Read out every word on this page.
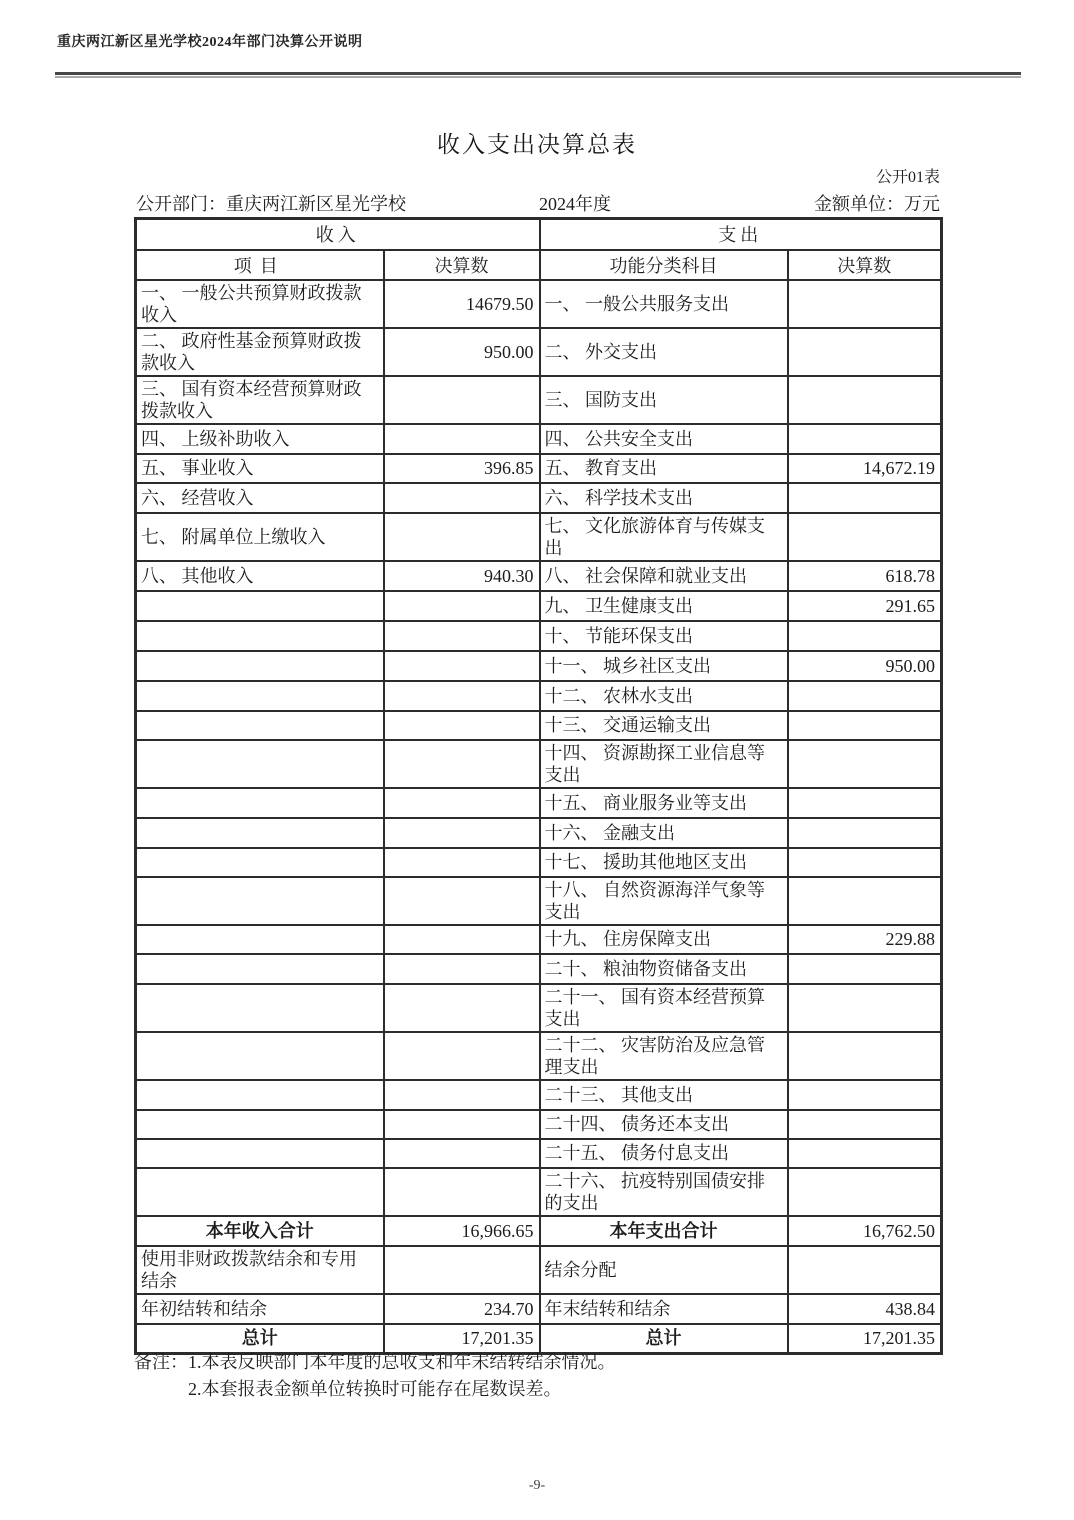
重庆两江新区星光学校2024年部门决算公开说明
收入支出决算总表
公开01表
公开部门：重庆两江新区星光学校	2024年度	金额单位：万元
收入		支出	
项目	决算数	功能分类科目	决算数
一、 一般公共预算财政拨款收入	14679.50	一、 一般公共服务支出	
二、 政府性基金预算财政拨款收入	950.00	二、 外交支出	
三、 国有资本经营预算财政拨款收入		三、 国防支出	
四、 上级补助收入		四、 公共安全支出	
五、 事业收入	396.85	五、 教育支出	14,672.19
六、 经营收入		六、 科学技术支出	
七、 附属单位上缴收入		七、 文化旅游体育与传媒支出	
八、 其他收入	940.30	八、 社会保障和就业支出	618.78
		九、 卫生健康支出	291.65
		十、 节能环保支出	
		十一、 城乡社区支出	950.00
		十二、 农林水支出	
		十三、 交通运输支出	
		十四、 资源勘探工业信息等支出	
		十五、 商业服务业等支出	
		十六、 金融支出	
		十七、 援助其他地区支出	
		十八、 自然资源海洋气象等支出	
		十九、 住房保障支出	229.88
		二十、 粮油物资储备支出	
		二十一、 国有资本经营预算支出	
		二十二、 灾害防治及应急管理支出	
		二十三、 其他支出	
		二十四、 债务还本支出	
		二十五、 债务付息支出	
		二十六、 抗疫特别国债安排的支出	
本年收入合计	16,966.65	本年支出合计	16,762.50
使用非财政拨款结余和专用结余		结余分配	
年初结转和结余	234.70	年末结转和结余	438.84
总计	17,201.35	总计	17,201.35
备注：1.本表反映部门本年度的总收支和年末结转结余情况。
2.本套报表金额单位转换时可能存在尾数误差。
-9-
